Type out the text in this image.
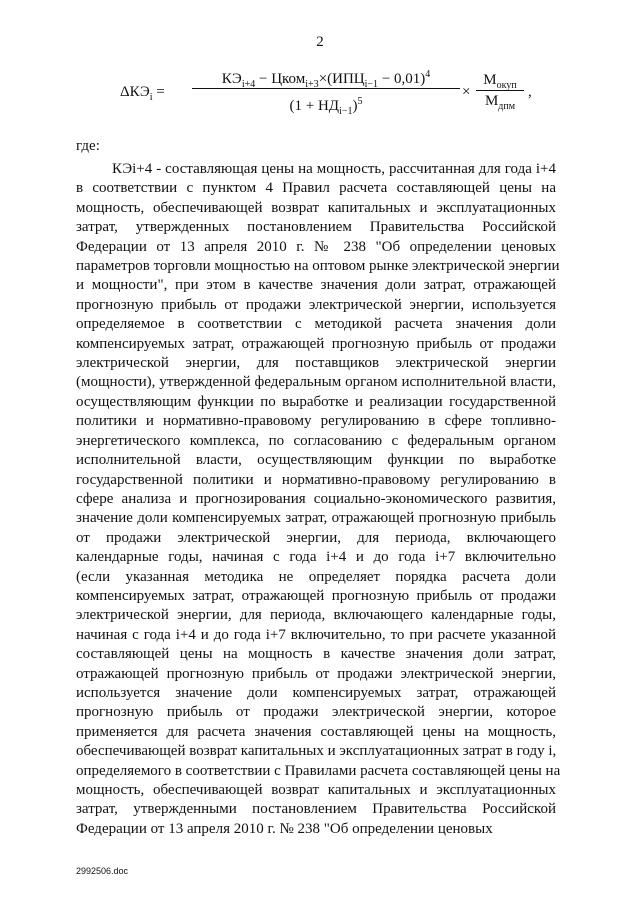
2
$\Delta КЭ_i$ =
$КЭ_{i+4}$ − $Цком_{i+3}\times(ИПЦ_{i-1} - 0,01)^4$
$(1 + НД_{i-1})^5$
×
$М_{окуп}$
$М_{дпм}$
,
где:
КЭi+4 - составляющая цены на мощность, рассчитанная для года i+4
в соответствии с пунктом 4 Правил расчета составляющей цены на
мощность, обеспечивающей возврат капитальных и эксплуатационных
затрат, утвержденных постановлением Правительства Российской
Федерации от 13 апреля 2010 г. № 238 "Об определении ценовых
параметров торговли мощностью на оптовом рынке электрической энергии
и мощности", при этом в качестве значения доли затрат, отражающей
прогнозную прибыль от продажи электрической энергии, используется
определяемое в соответствии с методикой расчета значения доли
компенсируемых затрат, отражающей прогнозную прибыль от продажи
электрической энергии, для поставщиков электрической энергии
(мощности), утвержденной федеральным органом исполнительной власти,
осуществляющим функции по выработке и реализации государственной
политики и нормативно-правовому регулированию в сфере топливно-
энергетического комплекса, по согласованию с федеральным органом
исполнительной власти, осуществляющим функции по выработке
государственной политики и нормативно-правовому регулированию в
сфере анализа и прогнозирования социально-экономического развития,
значение доли компенсируемых затрат, отражающей прогнозную прибыль
от продажи электрической энергии, для периода, включающего
календарные годы, начиная с года i+4 и до года i+7 включительно
(если указанная методика не определяет порядка расчета доли
компенсируемых затрат, отражающей прогнозную прибыль от продажи
электрической энергии, для периода, включающего календарные годы,
начиная с года i+4 и до года i+7 включительно, то при расчете указанной
составляющей цены на мощность в качестве значения доли затрат,
отражающей прогнозную прибыль от продажи электрической энергии,
используется значение доли компенсируемых затрат, отражающей
прогнозную прибыль от продажи электрической энергии, которое
применяется для расчета значения составляющей цены на мощность,
обеспечивающей возврат капитальных и эксплуатационных затрат в году i,
определяемого в соответствии с Правилами расчета составляющей цены на
мощность, обеспечивающей возврат капитальных и эксплуатационных
затрат, утвержденными постановлением Правительства Российской
Федерации от 13 апреля 2010 г. № 238 "Об определении ценовых
2992506.doc
